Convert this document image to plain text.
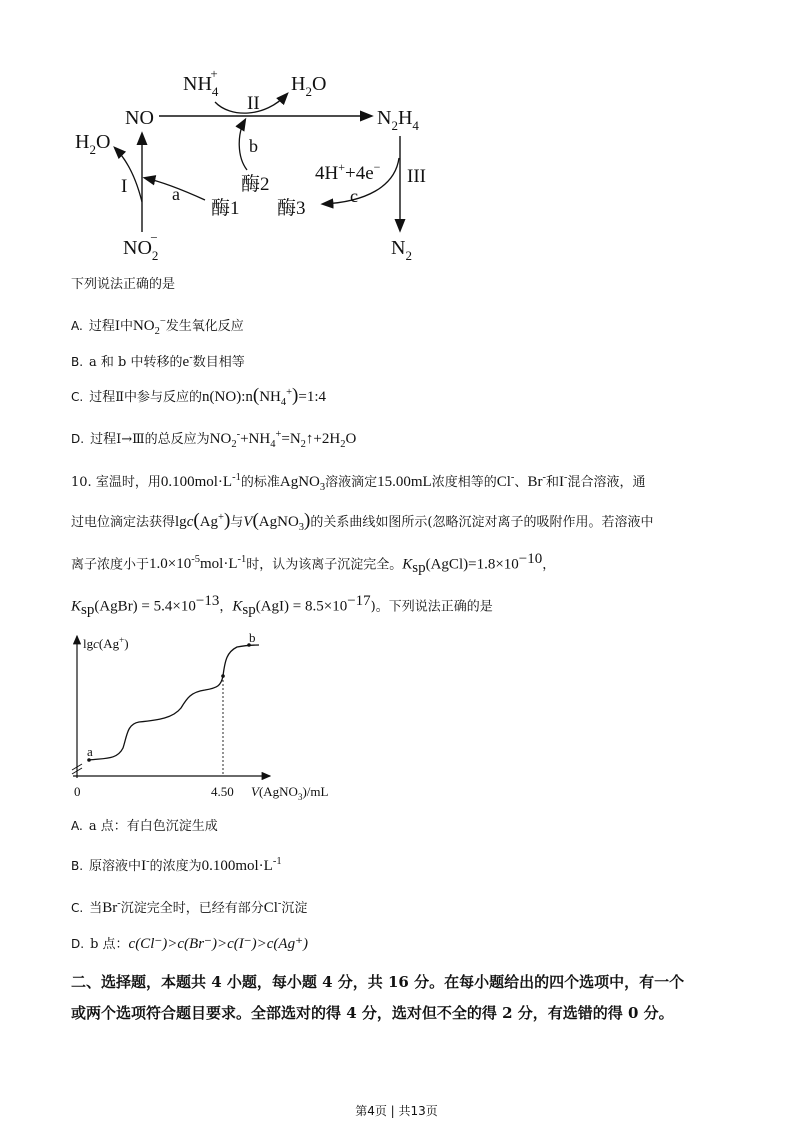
$NH_4+$	$H_2O$
II
NO	$N_2H_4$
$H_2O$	b
4H++4e− III
酶2
I a	c
酶1 酶3
$NO_2-$	$N_2$
下列说法正确的是
A. 过程Ⅰ中$NO_2^-$发生氧化反应
B. a 和 b 中转移的e-数目相等
C. 过程Ⅱ中参与反应的$n(NO):n(NH_4^+)=1:4$
D. 过程Ⅰ→Ⅲ的总反应为$NO_2^-+NH_4^+=N_2↑+2H_2O$
10. 室温时，用$0.100mol\cdot L^{-1}$的标准AgNO$_3$溶液滴定15.00mL浓度相等的Cl-、Br-和I-混合溶液，通
过电位滴定法获得lgc(Ag+)与V(AgNO$_3$)的关系曲线如图所示(忽略沉淀对离子的吸附作用。若溶液中
离子浓度小于$1.0\times 10^{-5}mol\cdot L^{-1}$时，认为该离子沉淀完全。$K_{sp}(AgCl)=1.8\times 10^{-10}$，
$K_{sp}(AgBr) = 5.4\times 10^{-13}$，$K_{sp}(AgI) = 8.5\times 10^{-17}$)。下列说法正确的是
lgc(Ag+)
a
b
0	4.50 V(AgNO$_3$)/mL
A. a 点：有白色沉淀生成
B. 原溶液中I-的浓度为$0.100mol\cdot L^{-1}$
C. 当Br-沉淀完全时，已经有部分Cl-沉淀
D. b 点：c(Cl⁻)>c(Br⁻)>c(I⁻)>c(Ag⁺)
二、选择题，本题共 4 小题，每小题 4 分，共 16 分。在每小题给出的四个选项中，有一个
或两个选项符合题目要求。全部选对的得 4 分，选对但不全的得 2 分，有选错的得 0 分。
第4页 | 共13页
